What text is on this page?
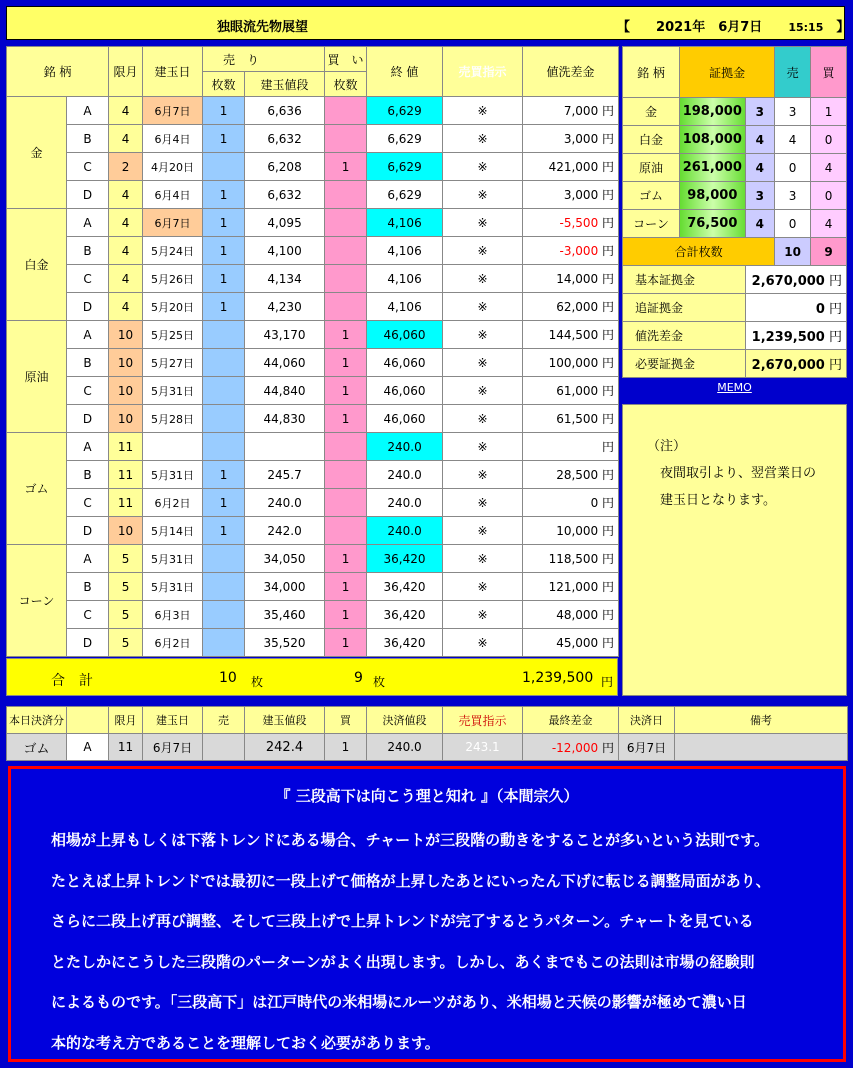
独眼流先物展望	【　　 2021年　6月7日　　 15:15　 】
銘 柄		限月	建玉日	売　り		買　い	終 値	売買指示	値洗差金
				枚数	建玉値段	枚数			
金	A	4	6月7日	1	6,636		6,629	※	7,000 円
	B	4	6月4日	1	6,632		6,629	※	3,000 円
	C	2	4月20日		6,208	1	6,629	※	421,000 円
	D	4	6月4日	1	6,632		6,629	※	3,000 円
白金	A	4	6月7日	1	4,095		4,106	※	-5,500 円
	B	4	5月24日	1	4,100		4,106	※	-3,000 円
	C	4	5月26日	1	4,134		4,106	※	14,000 円
	D	4	5月20日	1	4,230		4,106	※	62,000 円
原油	A	10	5月25日		43,170	1	46,060	※	144,500 円
	B	10	5月27日		44,060	1	46,060	※	100,000 円
	C	10	5月31日		44,840	1	46,060	※	61,000 円
	D	10	5月28日		44,830	1	46,060	※	61,500 円
ゴム	A	11					240.0	※	円
	B	11	5月31日	1	245.7		240.0	※	28,500 円
	C	11	6月2日	1	240.0		240.0	※	0 円
	D	10	5月14日	1	242.0		240.0	※	10,000 円
コーン	A	5	5月31日		34,050	1	36,420	※	118,500 円
	B	5	5月31日		34,000	1	36,420	※	121,000 円
	C	5	6月3日		35,460	1	36,420	※	48,000 円
	D	5	6月2日		35,520	1	36,420	※	45,000 円
合　計	10 枚	9 枚	1,239,500 円
銘 柄	証拠金		売	買
金	198,000	3	3	1
白金	108,000	4	4	0
原油	261,000	4	0	4
ゴム	98,000	3	3	0
コーン	76,500	4	0	4
合計枚数			10	9
基本証拠金		2,670,000 円		
追証拠金		0 円		
値洗差金		1,239,500 円		
必要証拠金		2,670,000 円		
MEMO
（注）
　夜間取引より、翌営業日の
　建玉日となります。
本日決済分		限月	建玉日	売	建玉値段	買	決済値段	売買指示	最終差金	決済日	備考
ゴム	A	11	6月7日		242.4	1	240.0	243.1	-12,000 円	6月7日	
『 三段高下は向こう理と知れ 』（本間宗久）
相場が上昇もしくは下落トレンドにある場合、チャートが三段階の動きをすることが多いという法則です。
たとえば上昇トレンドでは最初に一段上げて価格が上昇したあとにいったん下げに転じる調整局面があり、
さらに二段上げ再び調整、そして三段上げで上昇トレンドが完了するとうパターン。チャートを見ている
とたしかにこうした三段階のパーターンがよく出現します。しかし、あくまでもこの法則は市場の経験則
によるものです。「三段高下」は江戸時代の米相場にルーツがあり、米相場と天候の影響が極めて濃い日
本的な考え方であることを理解しておく必要があります。
